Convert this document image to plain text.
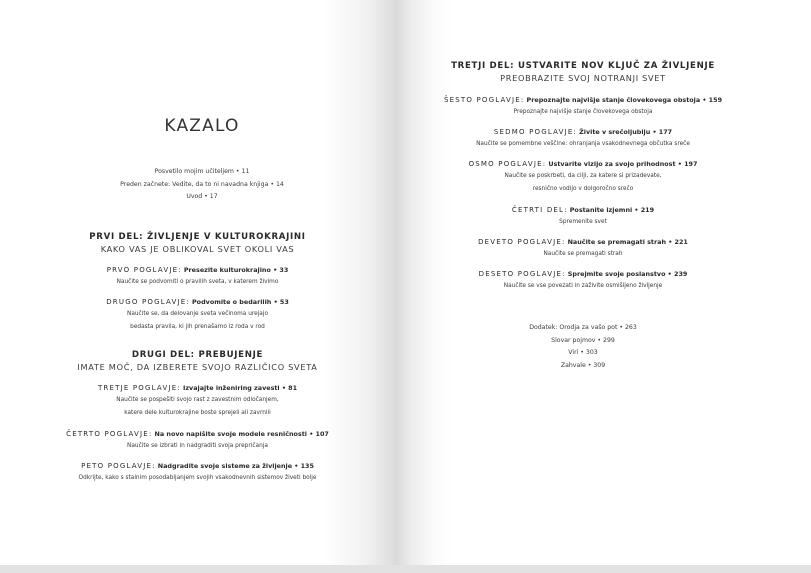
KAZALO
Posvetilo mojim učiteljem • 11
Preden začnete: Vedite, da to ni navadna knjiga • 14
Uvod • 17
PRVI DEL: ŽIVLJENJE V KULTUROKRAJINI
KAKO VAS JE OBLIKOVAL SVET OKOLI VAS
PRVO POGLAVJE: Presezite kulturokrajino • 33
Naučite se podvomiti o pravilih sveta, v katerem živimo
DRUGO POGLAVJE: Podvomite o bedarilih • 53
Naučite se, da delovanje sveta večinoma urejajo
bedasta pravila, ki jih prenašamo iz roda v rod
DRUGI DEL: PREBUJENJE
IMATE MOČ, DA IZBERETE SVOJO RAZLIČICO SVETA
TRETJE POGLAVJE: Izvajajte inženiring zavesti • 81
Naučite se pospešiti svojo rast z zavestnim odločanjem,
katere dele kulturokrajine boste sprejeli ali zavrnili
ČETRTO POGLAVJE: Na novo napišite svoje modele resničnosti • 107
Naučite se izbrati in nadgraditi svoja prepričanja
PETO POGLAVJE: Nadgradite svoje sisteme za življenje • 135
Odkrijte, kako s stalnim posodabljanjem svojih vsakodnevnih sistemov živeti bolje
TRETJI DEL: USTVARITE NOV KLJUČ ZA ŽIVLJENJE
PREOBRAZITE SVOJ NOTRANJI SVET
ŠESTO POGLAVJE: Prepoznajte najvišje stanje človekovega obstoja • 159
Prepoznajte najvišje stanje človekovega obstoja
SEDMO POGLAVJE: Živite v srečoljublju • 177
Naučite se pomembne veščine: ohranjanja vsakodnevnega občutka sreče
OSMO POGLAVJE: Ustvarite vizijo za svojo prihodnost • 197
Naučite se poskrbeti, da cilji, za katere si prizadevate,
resnično vodijo v dolgoročno srečo
ČETRTI DEL: Postanite izjemni • 219
Spremenite svet
DEVETO POGLAVJE: Naučite se premagati strah • 221
Naučite se premagati strah
DESETO POGLAVJE: Sprejmite svoje poslanstvo • 239
Naučite se vse povezati in zaživite osmišljeno življenje
Dodatek: Orodja za vašo pot • 263
Slovar pojmov • 299
Viri • 303
Zahvale • 309
